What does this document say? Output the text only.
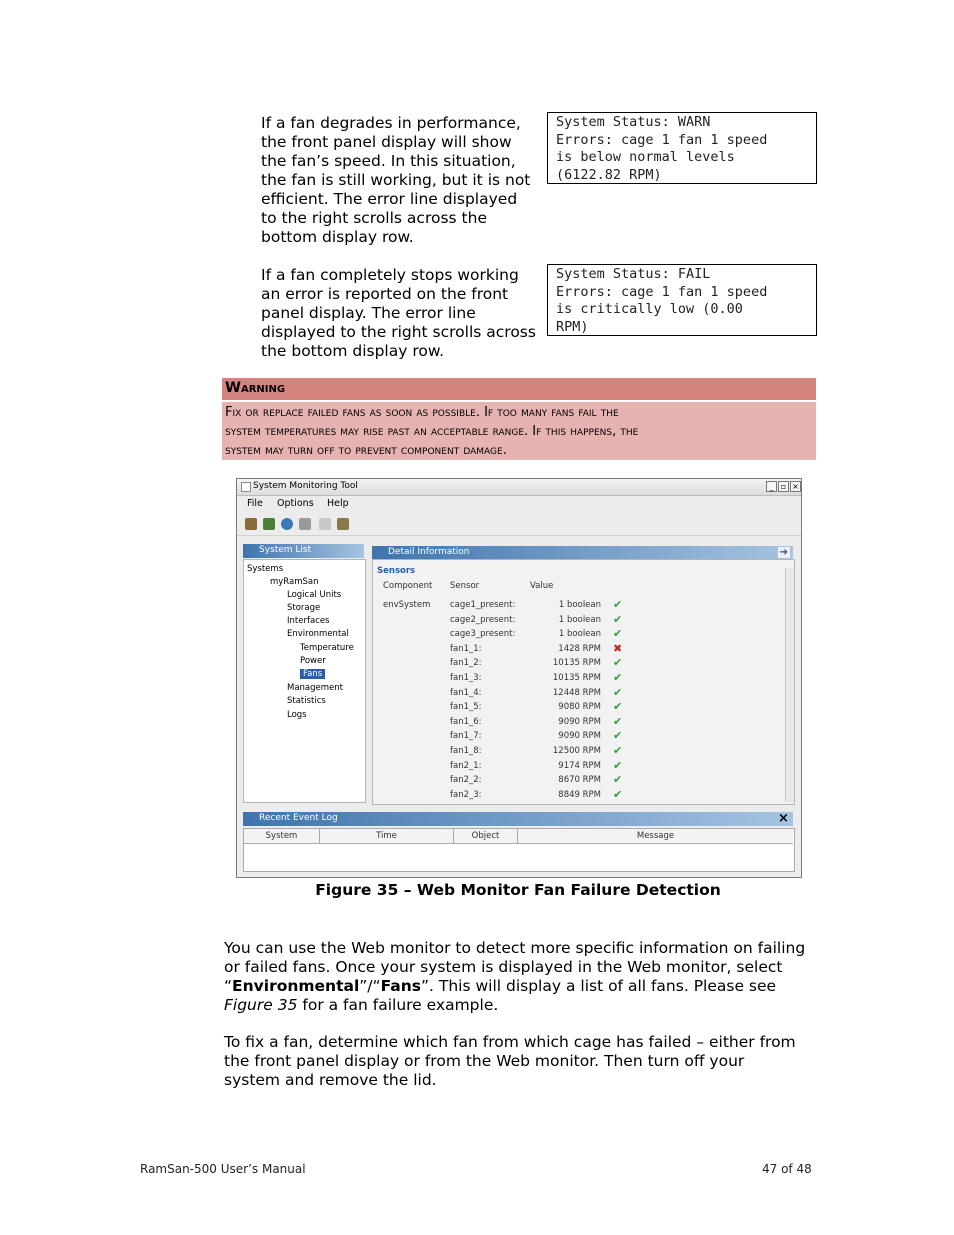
If a fan degrades in performance,
the front panel display will show
the fan’s speed. In this situation,
the fan is still working, but it is not
efficient. The error line displayed
to the right scrolls across the
bottom display row.
System Status: WARN
Errors: cage 1 fan 1 speed
is below normal levels
(6122.82 RPM)
If a fan completely stops working
an error is reported on the front
panel display. The error line
displayed to the right scrolls across
the bottom display row.
System Status: FAIL
Errors: cage 1 fan 1 speed
is critically low (0.00
RPM)
Warning
Fix or replace failed fans as soon as possible. If too many fans fail the
system temperatures may rise past an acceptable range. If this happens, the
system may turn off to prevent component damage.
System Monitoring Tool	_ ▫ ×
File Options Help
System List
Systems
myRamSan
Logical Units
Storage
Interfaces
Environmental
Temperature
Power
Fans
Management
Statistics
Logs
Detail Information	➔
Sensors
Component Sensor	Value
envSystem cage1_present:	1 boolean ✔
cage2_present:	1 boolean ✔
cage3_present:	1 boolean ✔
fan1_1:	1428 RPM ✖
fan1_2:	10135 RPM ✔
fan1_3:	10135 RPM ✔
fan1_4:	12448 RPM ✔
fan1_5:	9080 RPM ✔
fan1_6:	9090 RPM ✔
fan1_7:	9090 RPM ✔
fan1_8:	12500 RPM ✔
fan2_1:	9174 RPM ✔
fan2_2:	8670 RPM ✔
fan2_3:	8849 RPM ✔
Recent Event Log	×
System	Time	Object	Message
Figure 35 – Web Monitor Fan Failure Detection
You can use the Web monitor to detect more specific information on failing
or failed fans. Once your system is displayed in the Web monitor, select
“Environmental”/“Fans”. This will display a list of all fans. Please see
Figure 35 for a fan failure example.
To fix a fan, determine which fan from which cage has failed – either from
the front panel display or from the Web monitor. Then turn off your
system and remove the lid.
RamSan-500 User’s Manual	47 of 48
